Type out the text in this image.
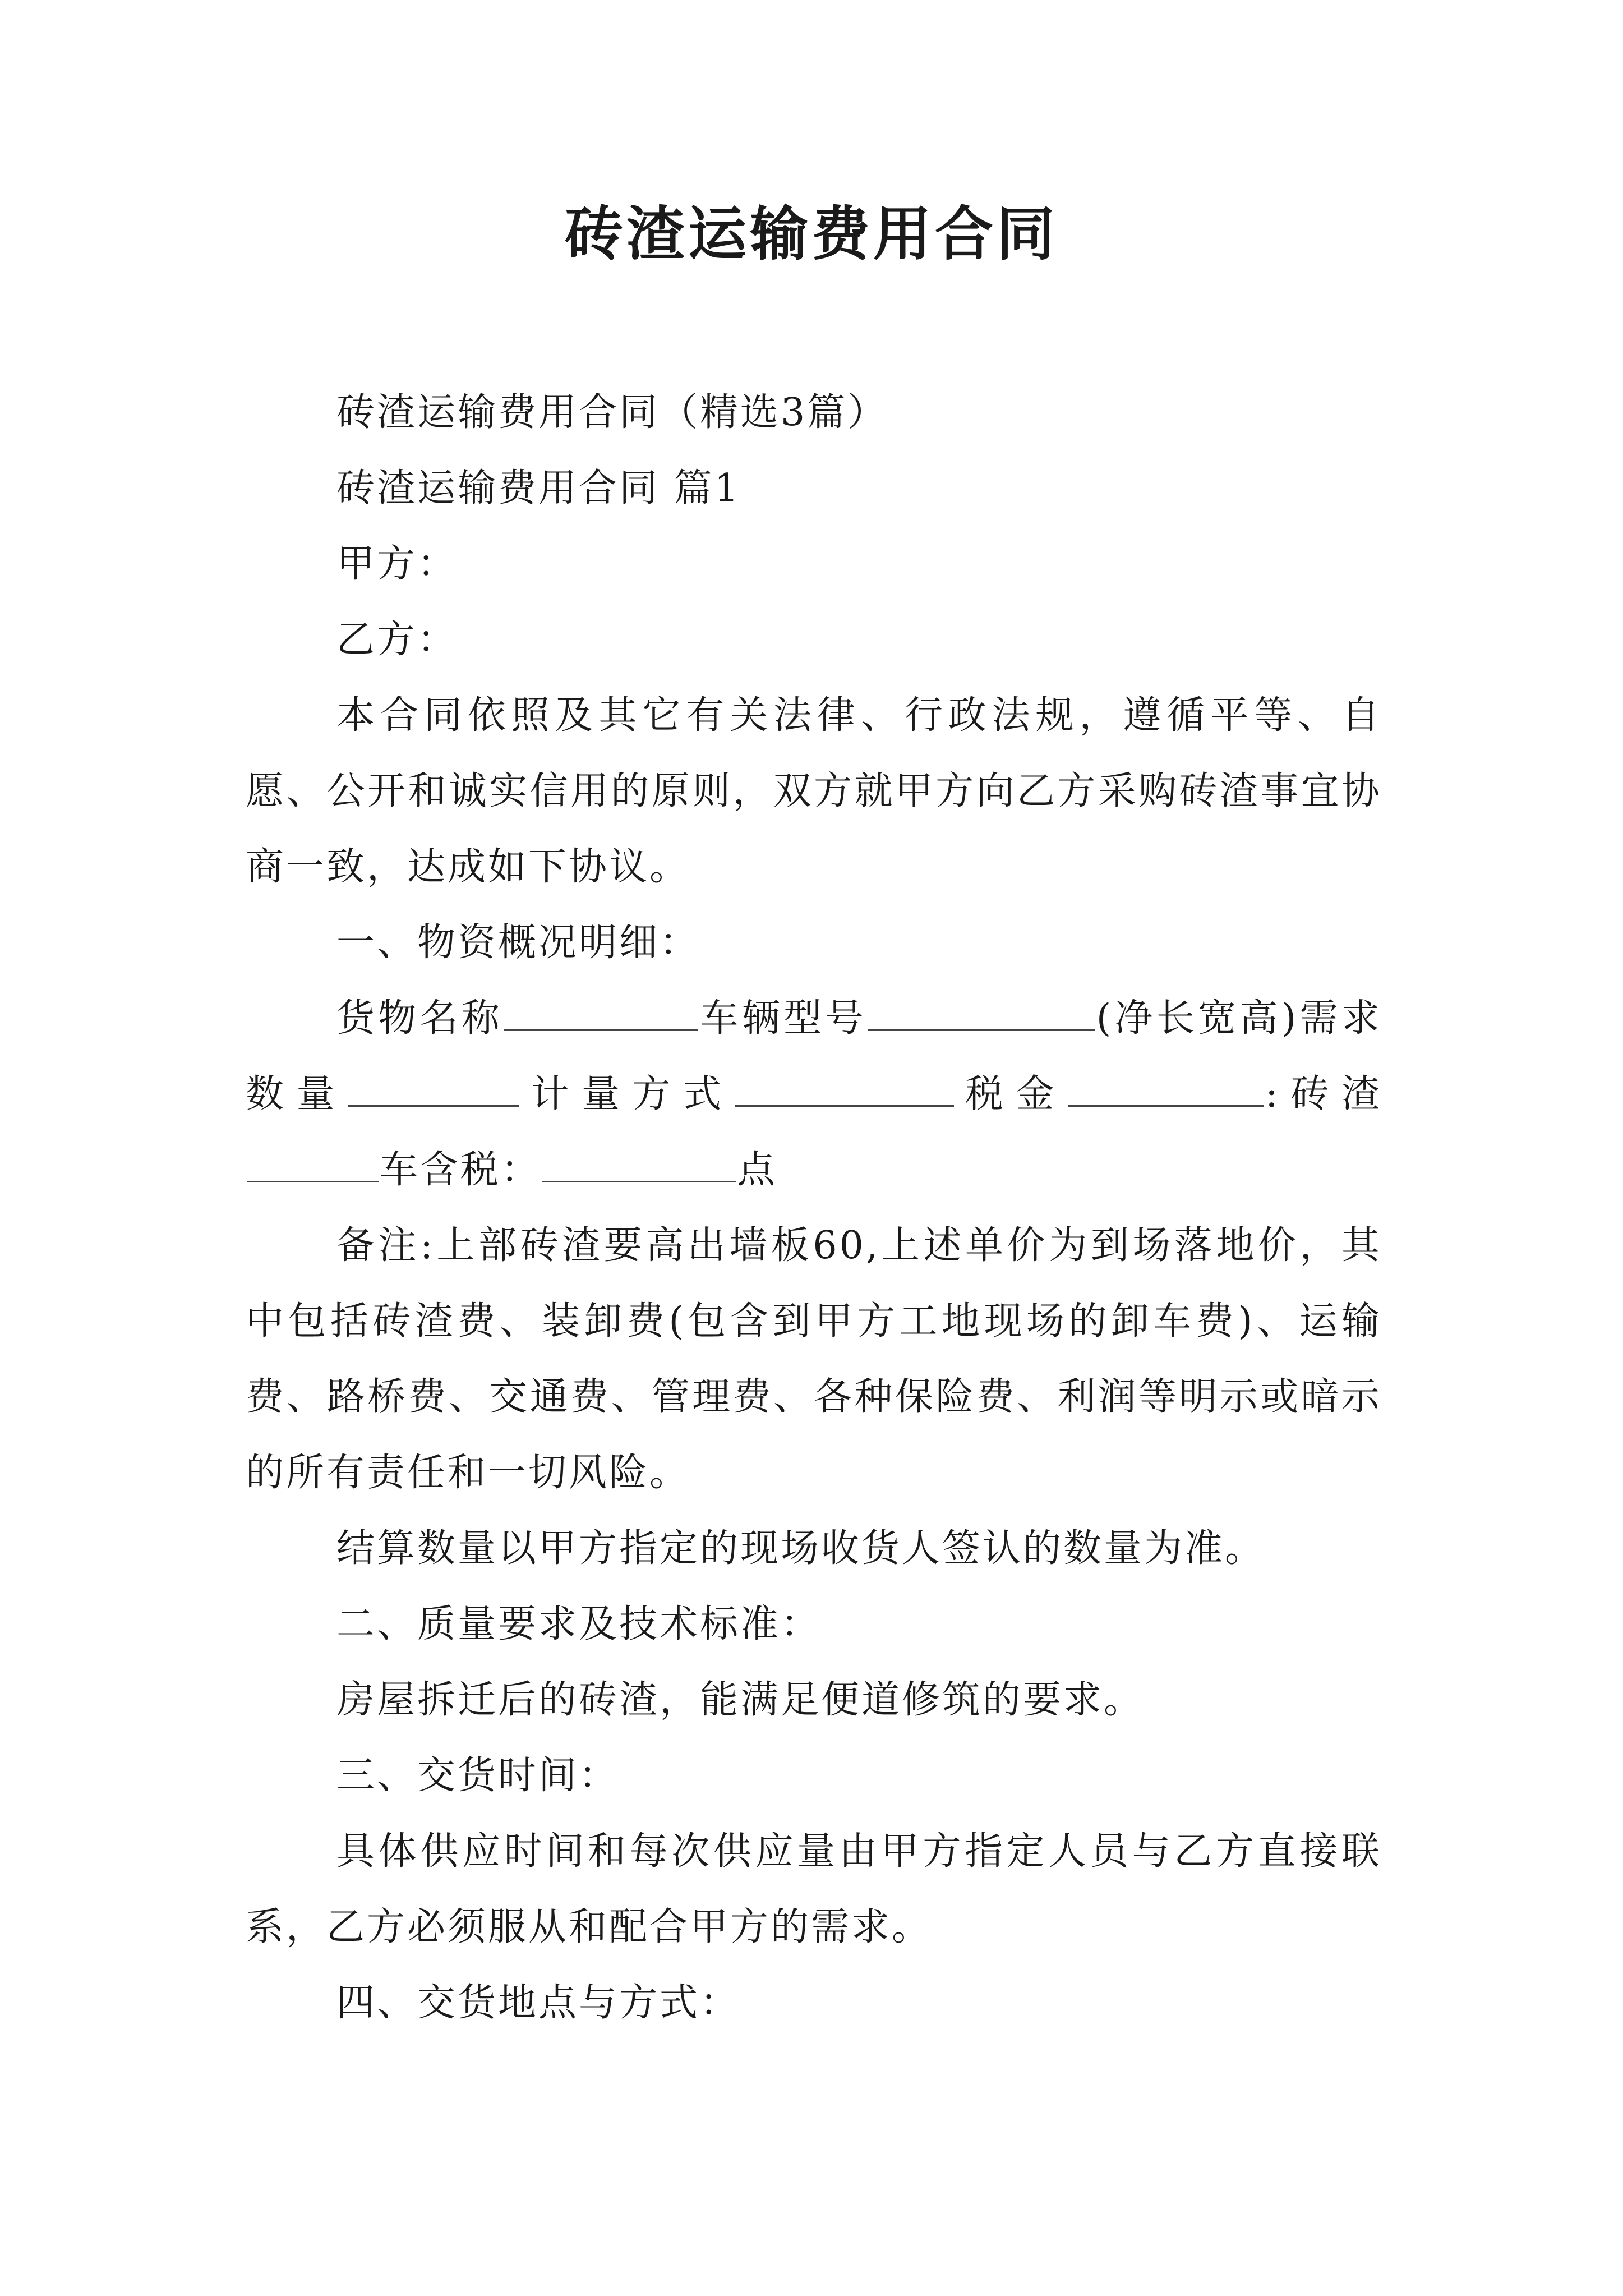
砖渣运输费用合同

砖渣运输费用合同（精选3篇）

砖渣运输费用合同 篇1

甲方：

乙方：

本合同依照及其它有关法律、行政法规，遵循平等、自愿、公开和诚实信用的原则，双方就甲方向乙方采购砖渣事宜协商一致，达成如下协议。

一、物资概况明细：

货物名称	车辆型号	(净长宽高)需求数量	计量方式	税金	:砖渣车含税：	点

备注:上部砖渣要高出墙板60,上述单价为到场落地价，其中包括砖渣费、装卸费(包含到甲方工地现场的卸车费)、运输费、路桥费、交通费、管理费、各种保险费、利润等明示或暗示的所有责任和一切风险。

结算数量以甲方指定的现场收货人签认的数量为准。

二、质量要求及技术标准：

房屋拆迁后的砖渣，能满足便道修筑的要求。

三、交货时间：

具体供应时间和每次供应量由甲方指定人员与乙方直接联系，乙方必须服从和配合甲方的需求。

四、交货地点与方式：
